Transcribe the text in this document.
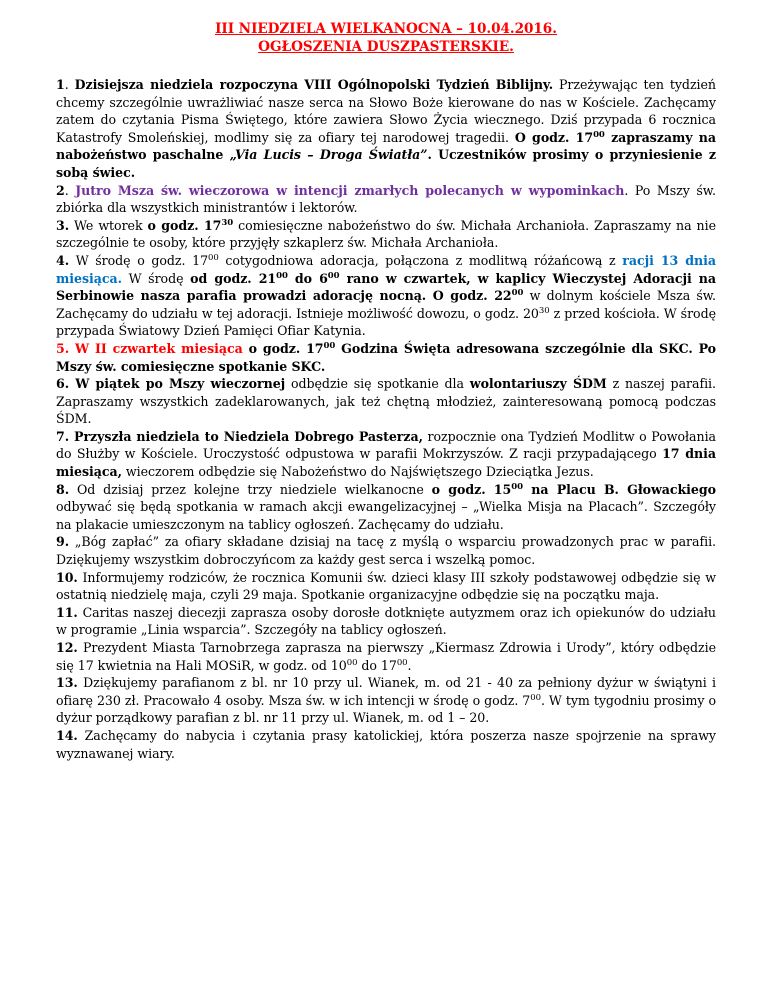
III NIEDZIELA WIELKANOCNA – 10.04.2016.
OGŁOSZENIA DUSZPASTERSKIE.

1. Dzisiejsza niedziela rozpoczyna VIII Ogólnopolski Tydzień Biblijny. Przeżywając ten tydzień chcemy szczególnie uwrażliwiać nasze serca na Słowo Boże kierowane do nas w Kościele. Zachęcamy zatem do czytania Pisma Świętego, które zawiera Słowo Życia wiecznego. Dziś przypada 6 rocznica Katastrofy Smoleńskiej, modlimy się za ofiary tej narodowej tragedii. O godz. $17^{00}$ zapraszamy na nabożeństwo paschalne „Via Lucis – Droga Światła”. Uczestników prosimy o przyniesienie z sobą świec.

2. Jutro Msza św. wieczorowa w intencji zmarłych polecanych w wypominkach. Po Mszy św. zbiórka dla wszystkich ministrantów i lektorów.

3. We wtorek o godz. $17^{30}$ comiesięczne nabożeństwo do św. Michała Archanioła. Zapraszamy na nie szczególnie te osoby, które przyjęły szkaplerz św. Michała Archanioła.

4. W środę o godz. $17^{00}$ cotygodniowa adoracja, połączona z modlitwą różańcową z racji 13 dnia miesiąca. W środę od godz. $21^{00}$ do $6^{00}$ rano w czwartek, w kaplicy Wieczystej Adoracji na Serbinowie nasza parafia prowadzi adorację nocną. O godz. $22^{00}$ w dolnym kościele Msza św. Zachęcamy do udziału w tej adoracji. Istnieje możliwość dowozu, o godz. $20^{30}$ z przed kościoła. W środę przypada Światowy Dzień Pamięci Ofiar Katynia.

5. W II czwartek miesiąca o godz. $17^{00}$ Godzina Święta adresowana szczególnie dla SKC. Po Mszy św. comiesięczne spotkanie SKC.

6. W piątek po Mszy wieczornej odbędzie się spotkanie dla wolontariuszy ŚDM z naszej parafii. Zapraszamy wszystkich zadeklarowanych, jak też chętną młodzież, zainteresowaną pomocą podczas ŚDM.

7. Przyszła niedziela to Niedziela Dobrego Pasterza, rozpocznie ona Tydzień Modlitw o Powołania do Służby w Kościele. Uroczystość odpustowa w parafii Mokrzyszów. Z racji przypadającego 17 dnia miesiąca, wieczorem odbędzie się Nabożeństwo do Najświętszego Dzieciątka Jezus.

8. Od dzisiaj przez kolejne trzy niedziele wielkanocne o godz. $15^{00}$ na Placu B. Głowackiego odbywać się będą spotkania w ramach akcji ewangelizacyjnej – „Wielka Misja na Placach”. Szczegóły na plakacie umieszczonym na tablicy ogłoszeń. Zachęcamy do udziału.

9. „Bóg zapłać” za ofiary składane dzisiaj na tacę z myślą o wsparciu prowadzonych prac w parafii. Dziękujemy wszystkim dobroczyńcom za każdy gest serca i wszelką pomoc.

10. Informujemy rodziców, że rocznica Komunii św. dzieci klasy III szkoły podstawowej odbędzie się w ostatnią niedzielę maja, czyli 29 maja. Spotkanie organizacyjne odbędzie się na początku maja.

11. Caritas naszej diecezji zaprasza osoby dorosłe dotknięte autyzmem oraz ich opiekunów do udziału w programie „Linia wsparcia”. Szczegóły na tablicy ogłoszeń.

12. Prezydent Miasta Tarnobrzega zaprasza na pierwszy „Kiermasz Zdrowia i Urody”, który odbędzie się 17 kwietnia na Hali MOSiR, w godz. od $10^{00}$ do $17^{00}$.

13. Dziękujemy parafianom z bl. nr 10 przy ul. Wianek, m. od 21 - 40 za pełniony dyżur w świątyni i ofiarę 230 zł. Pracowało 4 osoby. Msza św. w ich intencji w środę o godz. $7^{00}$. W tym tygodniu prosimy o dyżur porządkowy parafian z bl. nr 11 przy ul. Wianek, m. od 1 – 20.

14. Zachęcamy do nabycia i czytania prasy katolickiej, która poszerza nasze spojrzenie na sprawy wyznawanej wiary.
